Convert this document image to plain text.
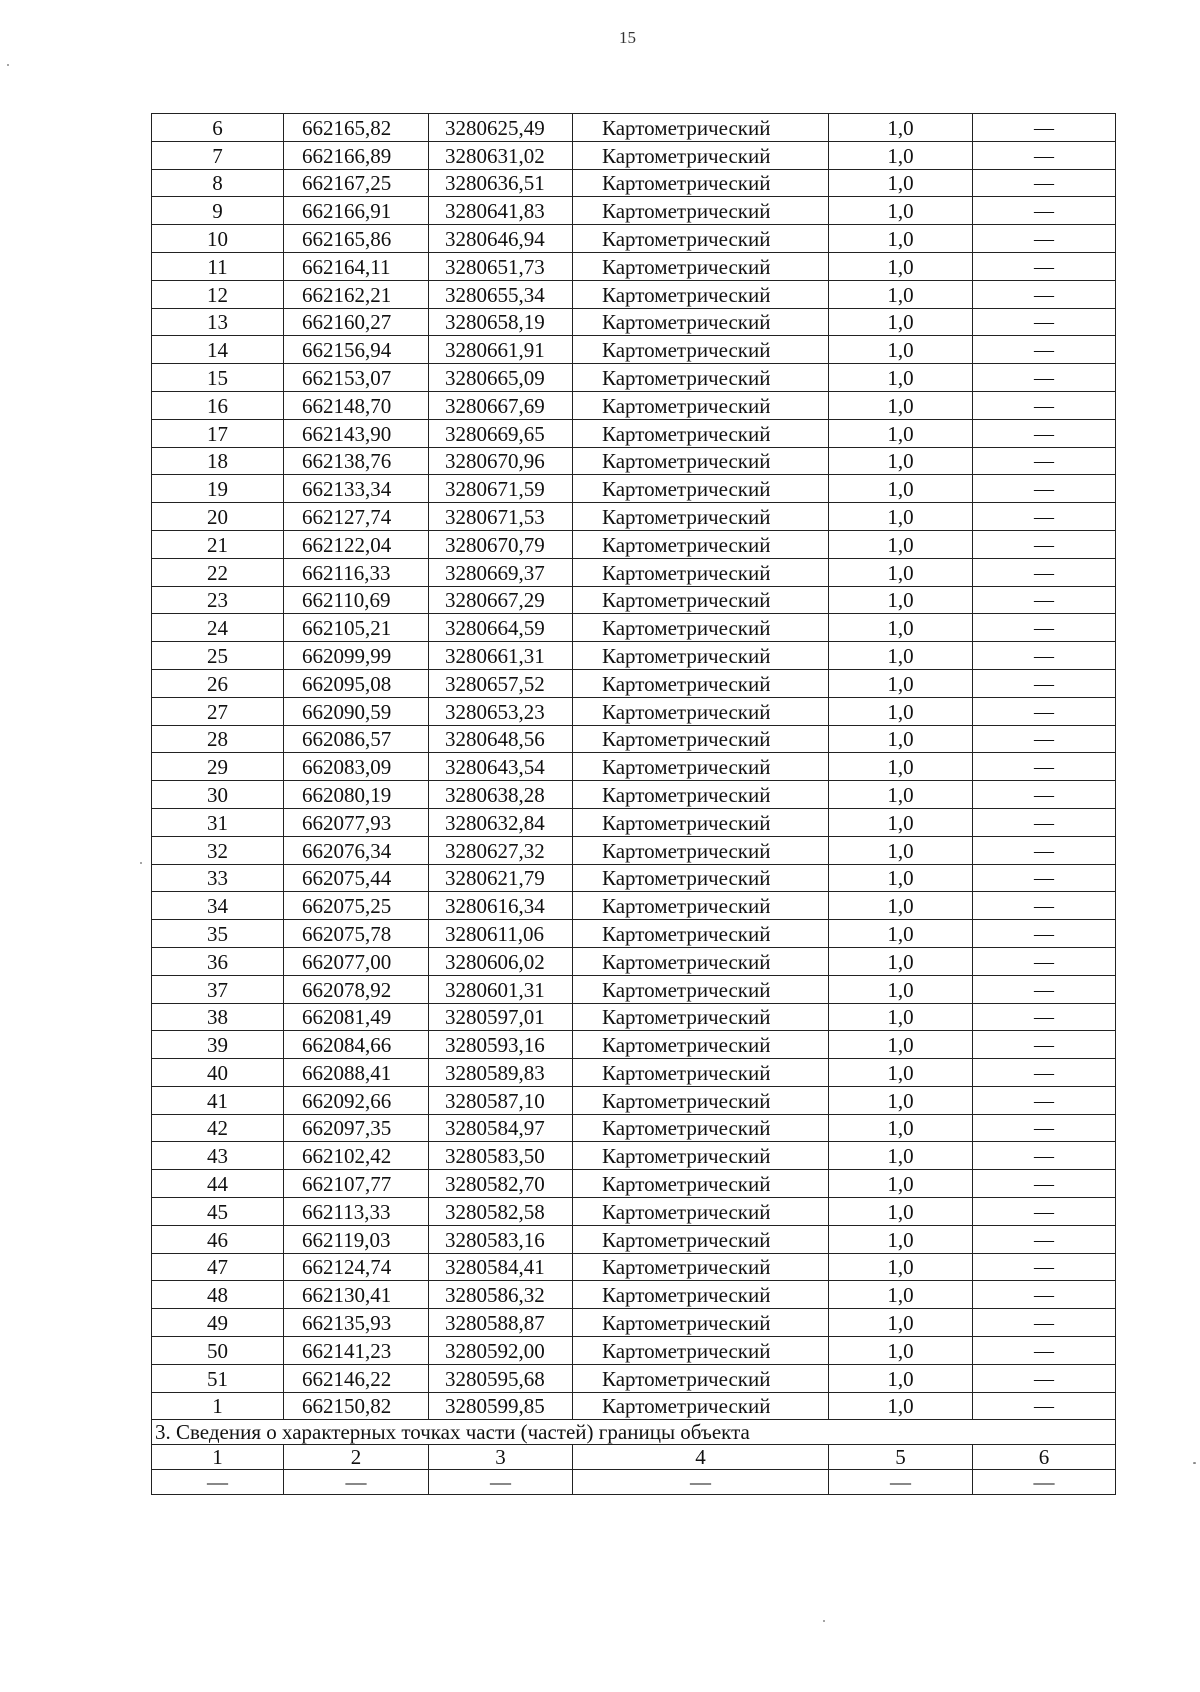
15
6	662165,82	3280625,49	Картометрический	1,0	—
7	662166,89	3280631,02	Картометрический	1,0	—
8	662167,25	3280636,51	Картометрический	1,0	—
9	662166,91	3280641,83	Картометрический	1,0	—
10	662165,86	3280646,94	Картометрический	1,0	—
11	662164,11	3280651,73	Картометрический	1,0	—
12	662162,21	3280655,34	Картометрический	1,0	—
13	662160,27	3280658,19	Картометрический	1,0	—
14	662156,94	3280661,91	Картометрический	1,0	—
15	662153,07	3280665,09	Картометрический	1,0	—
16	662148,70	3280667,69	Картометрический	1,0	—
17	662143,90	3280669,65	Картометрический	1,0	—
18	662138,76	3280670,96	Картометрический	1,0	—
19	662133,34	3280671,59	Картометрический	1,0	—
20	662127,74	3280671,53	Картометрический	1,0	—
21	662122,04	3280670,79	Картометрический	1,0	—
22	662116,33	3280669,37	Картометрический	1,0	—
23	662110,69	3280667,29	Картометрический	1,0	—
24	662105,21	3280664,59	Картометрический	1,0	—
25	662099,99	3280661,31	Картометрический	1,0	—
26	662095,08	3280657,52	Картометрический	1,0	—
27	662090,59	3280653,23	Картометрический	1,0	—
28	662086,57	3280648,56	Картометрический	1,0	—
29	662083,09	3280643,54	Картометрический	1,0	—
30	662080,19	3280638,28	Картометрический	1,0	—
31	662077,93	3280632,84	Картометрический	1,0	—
32	662076,34	3280627,32	Картометрический	1,0	—
33	662075,44	3280621,79	Картометрический	1,0	—
34	662075,25	3280616,34	Картометрический	1,0	—
35	662075,78	3280611,06	Картометрический	1,0	—
36	662077,00	3280606,02	Картометрический	1,0	—
37	662078,92	3280601,31	Картометрический	1,0	—
38	662081,49	3280597,01	Картометрический	1,0	—
39	662084,66	3280593,16	Картометрический	1,0	—
40	662088,41	3280589,83	Картометрический	1,0	—
41	662092,66	3280587,10	Картометрический	1,0	—
42	662097,35	3280584,97	Картометрический	1,0	—
43	662102,42	3280583,50	Картометрический	1,0	—
44	662107,77	3280582,70	Картометрический	1,0	—
45	662113,33	3280582,58	Картометрический	1,0	—
46	662119,03	3280583,16	Картометрический	1,0	—
47	662124,74	3280584,41	Картометрический	1,0	—
48	662130,41	3280586,32	Картометрический	1,0	—
49	662135,93	3280588,87	Картометрический	1,0	—
50	662141,23	3280592,00	Картометрический	1,0	—
51	662146,22	3280595,68	Картометрический	1,0	—
1	662150,82	3280599,85	Картометрический	1,0	—
3. Сведения о характерных точках части (частей) границы объекта					
1	2	3	4	5	6
—	—	—	—	—	—
